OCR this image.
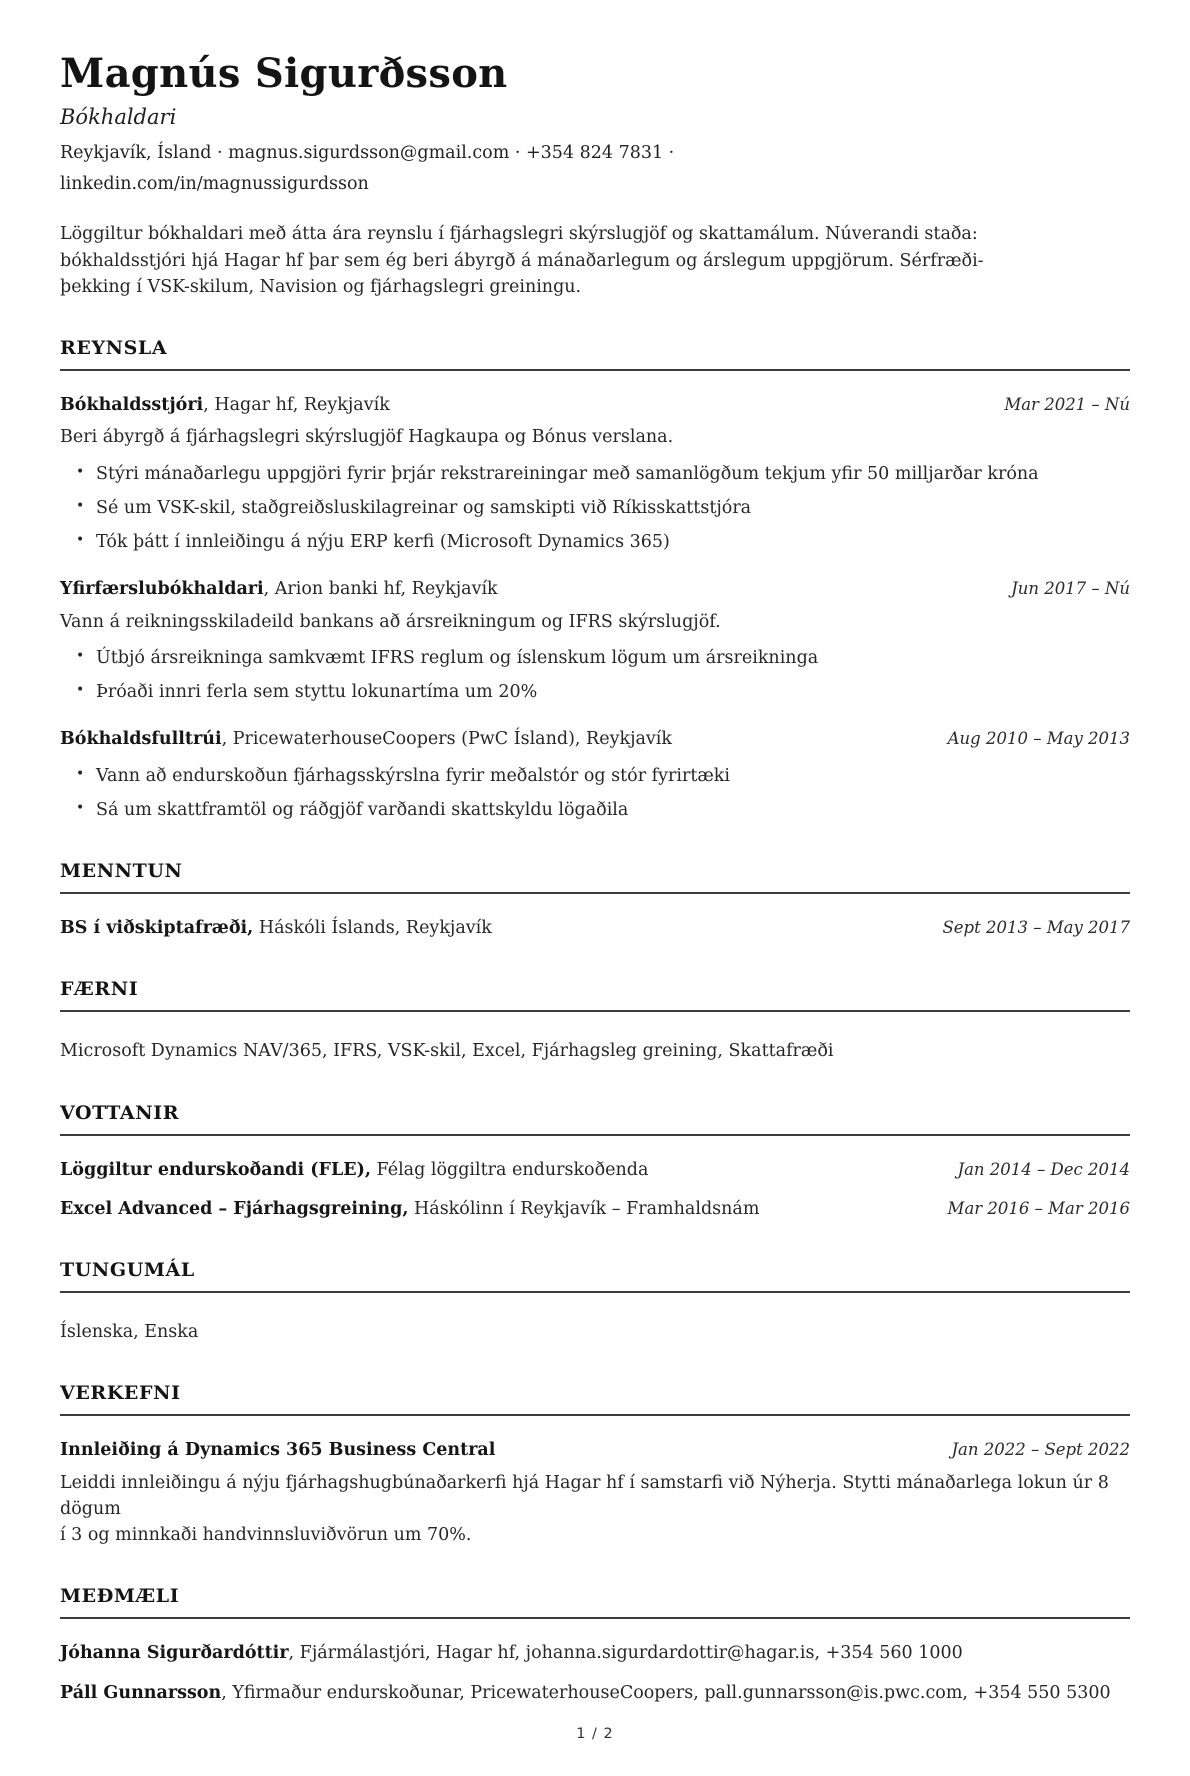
Magnús Sigurðsson

Bókhaldari

Reykjavík, Ísland · magnus.sigurdsson@gmail.com · +354 824 7831 ·
linkedin.com/in/magnussigurdsson

Löggiltur bókhaldari með átta ára reynslu í fjárhagslegri skýrslugjöf og skattamálum. Núverandi staða:
bókhaldsstjóri hjá Hagar hf þar sem ég beri ábyrgð á mánaðarlegum og árslegum uppgjörum. Sérfræði-
þekking í VSK-skilum, Navision og fjárhagslegri greiningu.

REYNSLA

Bókhaldsstjóri, Hagar hf, Reykjavík	Mar 2021 – Nú

Beri ábyrgð á fjárhagslegri skýrslugjöf Hagkaupa og Bónus verslana.

• Stýri mánaðarlegu uppgjöri fyrir þrjár rekstrareiningar með samanlögðum tekjum yfir 50 milljarðar króna
• Sé um VSK-skil, staðgreiðsluskilagreinar og samskipti við Ríkisskattstjóra
• Tók þátt í innleiðingu á nýju ERP kerfi (Microsoft Dynamics 365)

Yfirfærslubókhaldari, Arion banki hf, Reykjavík	Jun 2017 – Nú

Vann á reikningsskiladeild bankans að ársreikningum og IFRS skýrslugjöf.

• Útbjó ársreikninga samkvæmt IFRS reglum og íslenskum lögum um ársreikninga
• Þróaði innri ferla sem styttu lokunartíma um 20%

Bókhaldsfulltrúi, PricewaterhouseCoopers (PwC Ísland), Reykjavík	Aug 2010 – May 2013

• Vann að endurskoðun fjárhagsskýrslna fyrir meðalstór og stór fyrirtæki
• Sá um skattframtöl og ráðgjöf varðandi skattskyldu lögaðila
MENNTUN

BS í viðskiptafræði, Háskóli Íslands, Reykjavík	Sept 2013 – May 2017

FÆRNI

Microsoft Dynamics NAV/365, IFRS, VSK-skil, Excel, Fjárhagsleg greining, Skattafræði

VOTTANIR

Löggiltur endurskoðandi (FLE), Félag löggiltra endurskoðenda	Jan 2014 – Dec 2014

Excel Advanced – Fjárhagsgreining, Háskólinn í Reykjavík – Framhaldsnám	Mar 2016 – Mar 2016

TUNGUMÁL

Íslenska, Enska

VERKEFNI

Innleiðing á Dynamics 365 Business Central	Jan 2022 – Sept 2022

Leiddi innleiðingu á nýju fjárhagshugbúnaðarkerfi hjá Hagar hf í samstarfi við Nýherja. Stytti mánaðarlega lokun úr 8 dögum
í 3 og minnkaði handvinnsluviðvörun um 70%.

MEÐMÆLI

Jóhanna Sigurðardóttir, Fjármálastjóri, Hagar hf, johanna.sigurdardottir@hagar.is, +354 560 1000

Páll Gunnarsson, Yfirmaður endurskoðunar, PricewaterhouseCoopers, pall.gunnarsson@is.pwc.com, +354 550 5300

1 / 2
